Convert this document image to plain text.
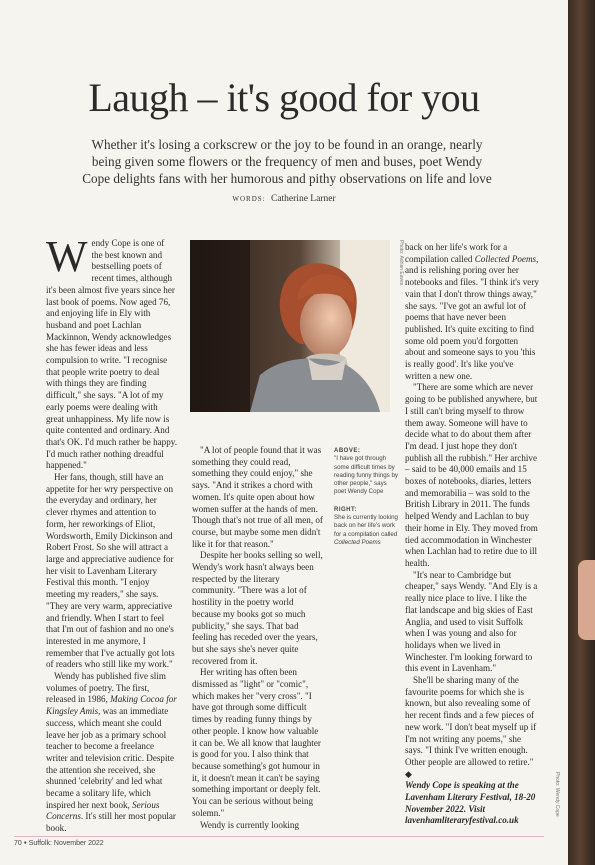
Laugh – it's good for you
Whether it's losing a corkscrew or the joy to be found in an orange, nearly being given some flowers or the frequency of men and buses, poet Wendy Cope delights fans with her humorous and pithy observations on life and love
WORDS: Catherine Larner

Wendy Cope is one of the best known and bestselling poets of recent times, although it's been almost five years since her last book of poems. Now aged 76, and enjoying life in Ely with husband and poet Lachlan Mackinnon, Wendy acknowledges she has fewer ideas and less compulsion to write. "I recognise that people write poetry to deal with things they are finding difficult," she says. "A lot of my early poems were dealing with great unhappiness. My life now is quite contented and ordinary. And that's OK. I'd much rather be happy. I'd much rather nothing dreadful happened."

Her fans, though, still have an appetite for her wry perspective on the everyday and ordinary, her clever rhymes and attention to form, her reworkings of Eliot, Wordsworth, Emily Dickinson and Robert Frost. So she will attract a large and appreciative audience for her visit to Lavenham Literary Festival this month. "I enjoy meeting my readers," she says. "They are very warm, appreciative and friendly. When I start to feel that I'm out of fashion and no one's interested in me anymore, I remember that I've actually got lots of readers who still like my work."

Wendy has published five slim volumes of poetry. The first, released in 1986, Making Cocoa for Kingsley Amis, was an immediate success, which meant she could leave her job as a primary school teacher to become a freelance writer and television critic. Despite the attention she received, she shunned 'celebrity' and led what became a solitary life, which inspired her next book, Serious Concerns. It's still her most popular book.

Photo: Adrian Eaves

"A lot of people found that it was something they could read, something they could enjoy," she says. "And it strikes a chord with women. It's quite open about how women suffer at the hands of men. Though that's not true of all men, of course, but maybe some men didn't like it for that reason."

Despite her books selling so well, Wendy's work hasn't always been respected by the literary community. "There was a lot of hostility in the poetry world because my books got so much publicity," she says. That bad feeling has receded over the years, but she says she's never quite recovered from it.

Her writing has often been dismissed as "light" or "comic", which makes her "very cross". "I have got through some difficult times by reading funny things by other people. I know how valuable it can be. We all know that laughter is good for you. I also think that because something's got humour in it, it doesn't mean it can't be saying something important or deeply felt. You can be serious without being solemn."

Wendy is currently looking

ABOVE:
"I have got through some difficult times by reading funny things by other people," says poet Wendy Cope
RIGHT:
She is currently looking back on her life's work for a compilation called Collected Poems

back on her life's work for a compilation called Collected Poems, and is relishing poring over her notebooks and files. "I think it's very vain that I don't throw things away," she says. "I've got an awful lot of poems that have never been published. It's quite exciting to find some old poem you'd forgotten about and someone says to you 'this is really good'. It's like you've written a new one.

"There are some which are never going to be published anywhere, but I still can't bring myself to throw them away. Someone will have to decide what to do about them after I'm dead. I just hope they don't publish all the rubbish." Her archive – said to be 40,000 emails and 15 boxes of notebooks, diaries, letters and memorabilia – was sold to the British Library in 2011. The funds helped Wendy and Lachlan to buy their home in Ely. They moved from tied accommodation in Winchester when Lachlan had to retire due to ill health.

"It's near to Cambridge but cheaper," says Wendy. "And Ely is a really nice place to live. I like the flat landscape and big skies of East Anglia, and used to visit Suffolk when I was young and also for holidays when we lived in Winchester. I'm looking forward to this event in Lavenham."

She'll be sharing many of the favourite poems for which she is known, but also revealing some of her recent finds and a few pieces of new work. "I don't beat myself up if I'm not writing any poems," she says. "I think I've written enough. Other people are allowed to retire." ◆

Wendy Cope is speaking at the Lavenham Literary Festival, 18-20 November 2022. Visit lavenhamliteraryfestival.co.uk

Photo: Wendy Cope
70 ● Suffolk: November 2022
